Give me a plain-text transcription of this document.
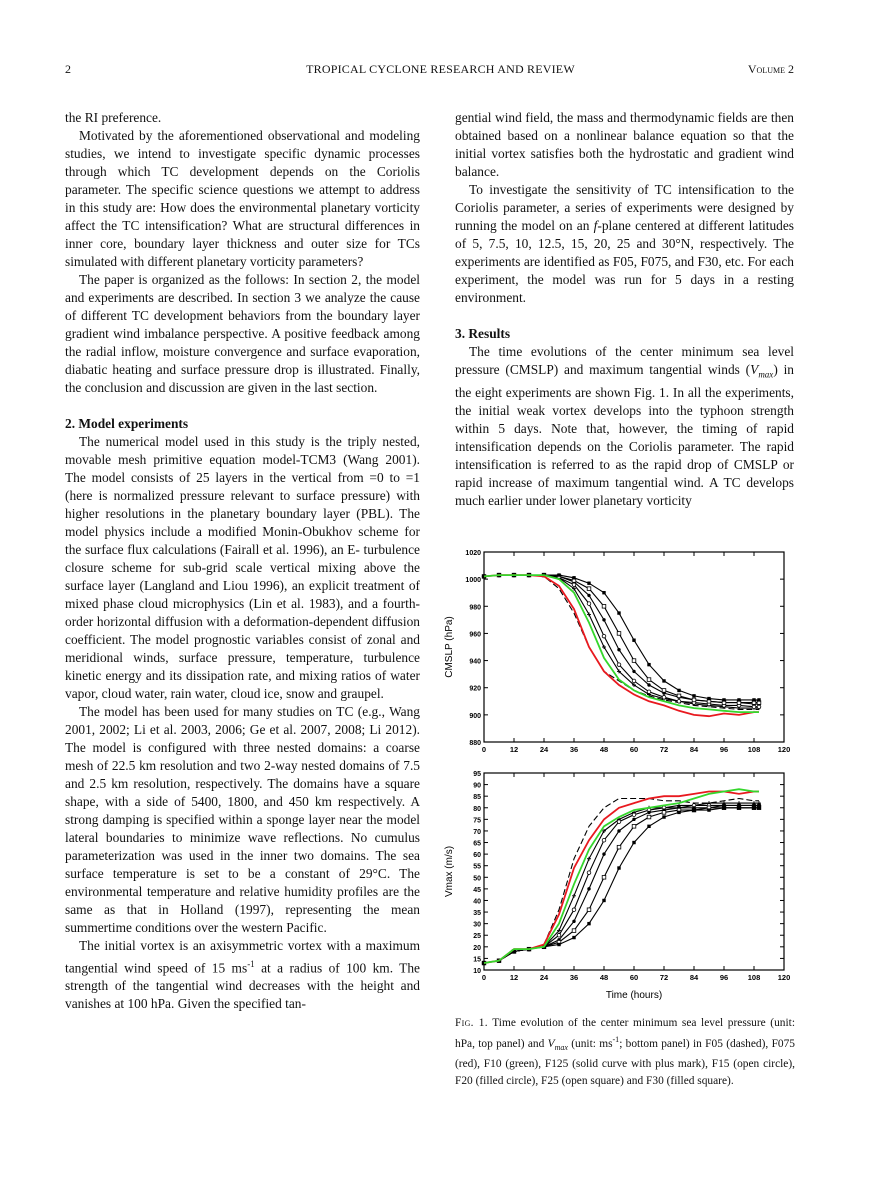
2	TROPICAL CYCLONE RESEARCH AND REVIEW	Volume 2

the RI preference.

Motivated by the aforementioned observational and modeling studies, we intend to investigate specific dynamic processes through which TC development depends on the Coriolis parameter. The specific science questions we attempt to address in this study are: How does the environmental planetary vorticity affect the TC intensification? What are structural differences in inner core, boundary layer thickness and outer size for TCs simulated with different planetary vorticity parameters?

The paper is organized as the follows: In section 2, the model and experiments are described. In section 3 we analyze the cause of different TC development behaviors from the boundary layer gradient wind imbalance perspective. A positive feedback among the radial inflow, moisture convergence and surface evaporation, diabatic heating and surface pressure drop is illustrated. Finally, the conclusion and discussion are given in the last section.

2. Model experiments

The numerical model used in this study is the triply nested, movable mesh primitive equation model-TCM3 (Wang 2001). The model consists of 25 layers in the vertical from =0 to =1 (here is normalized pressure relevant to surface pressure) with higher resolutions in the planetary boundary layer (PBL). The model physics include a modified Monin-Obukhov scheme for the surface flux calculations (Fairall et al. 1996), an E- turbulence closure scheme for sub-grid scale vertical mixing above the surface layer (Langland and Liou 1996), an explicit treatment of mixed phase cloud microphysics (Lin et al. 1983), and a fourth-order horizontal diffusion with a deformation-dependent diffusion coefficient. The model prognostic variables consist of zonal and meridional winds, surface pressure, temperature, turbulence kinetic energy and its dissipation rate, and mixing ratios of water vapor, cloud water, rain water, cloud ice, snow and graupel.

The model has been used for many studies on TC (e.g., Wang 2001, 2002; Li et al. 2003, 2006; Ge et al. 2007, 2008; Li 2012). The model is configured with three nested domains: a coarse mesh of 22.5 km resolution and two 2-way nested domains of 7.5 and 2.5 km resolution, respectively. The domains have a square shape, with a side of 5400, 1800, and 450 km respectively. A strong damping is specified within a sponge layer near the model lateral boundaries to minimize wave reflections. No cumulus parameterization was used in the inner two domains. The sea surface temperature is set to be a constant of 29°C. The environmental temperature and relative humidity profiles are the same as that in Holland (1997), representing the mean summertime conditions over the western Pacific.

The initial vortex is an axisymmetric vortex with a maximum tangential wind speed of 15 $ms^{-1}$ at a radius of 100 km. The strength of the tangential wind decreases with the height and vanishes at 100 hPa. Given the specified tan-

gential wind field, the mass and thermodynamic fields are then obtained based on a nonlinear balance equation so that the initial vortex satisfies both the hydrostatic and gradient wind balance.

To investigate the sensitivity of TC intensification to the Coriolis parameter, a series of experiments were designed by running the model on an f-plane centered at different latitudes of 5, 7.5, 10, 12.5, 15, 20, 25 and 30°N, respectively. The experiments are identified as F05, F075, and F30, etc. For each experiment, the model was run for 5 days in a resting environment.

3. Results

The time evolutions of the center minimum sea level pressure (CMSLP) and maximum tangential winds $(V_{max})$ in the eight experiments are shown Fig. 1. In all the experiments, the initial weak vortex develops into the typhoon strength within 5 days. Note that, however, the timing of rapid intensification depends on the Coriolis parameter. The rapid intensification is referred to as the rapid drop of CMSLP or rapid increase of maximum tangential wind. A TC develops much earlier under lower planetary vorticity

880
900
920
940
960
980
1000
1020
0	12	24	36	48	60	72	84	96	108 120
CMSLP (hPa)
10
15
20
25
30
35
40
45
50
55
60
65
70
75
80
85
90
95
0	12	24	36	48	60	72	84	96	108 120
Vmax (m/s)
Time (hours)
Fig. 1. Time evolution of the center minimum sea level pressure (unit: hPa, top panel) and $V_{max}$ (unit: $ms^{-1}$; bottom panel) in F05 (dashed), F075 (red), F10 (green), F125 (solid curve with plus mark), F15 (open circle), F20 (filled circle), F25 (open square) and F30 (filled square).
